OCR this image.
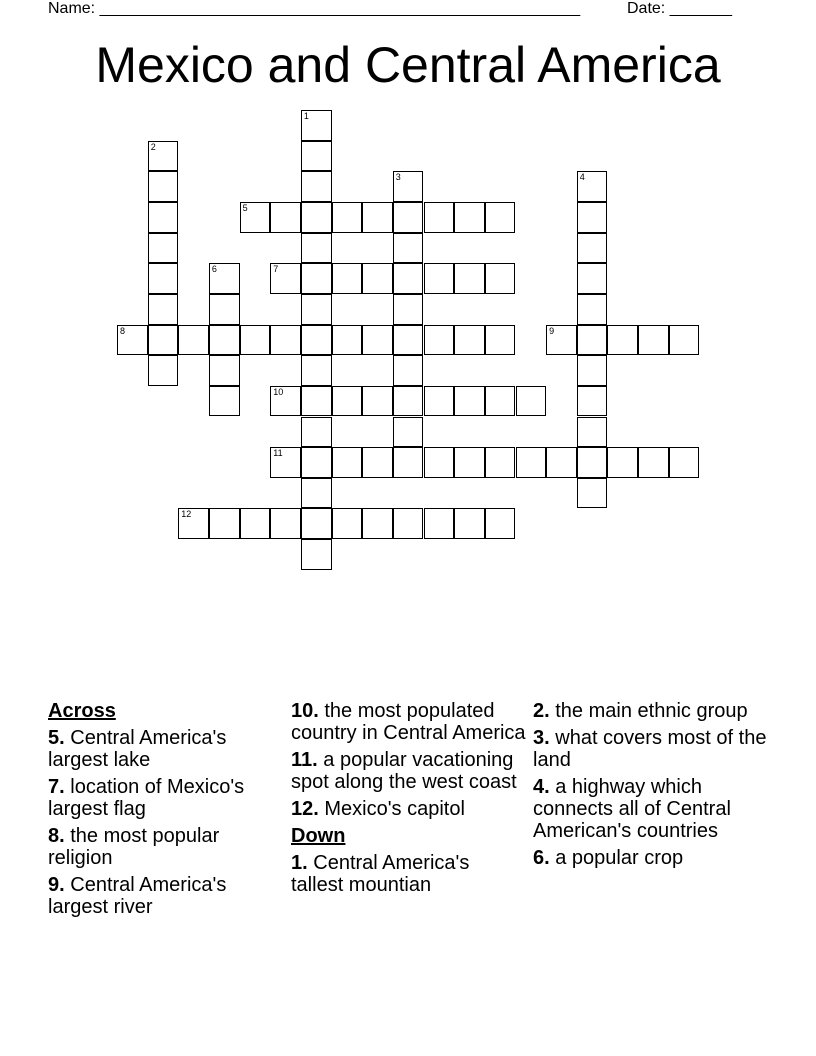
Name: ______________________________________________________	Date: _______
Mexico and Central America
1
2
3	4
5
6	7
8	9
10
11
12
Across
5. Central America's largest lake
7. location of Mexico's largest flag
8. the most popular religion
9. Central America's largest river
10. the most populated country in Central America
11. a popular vacationing spot along the west coast
12. Mexico's capitol
Down
1. Central America's tallest mountian
2. the main ethnic group
3. what covers most of the land
4. a highway which connects all of Central American's countries
6. a popular crop
